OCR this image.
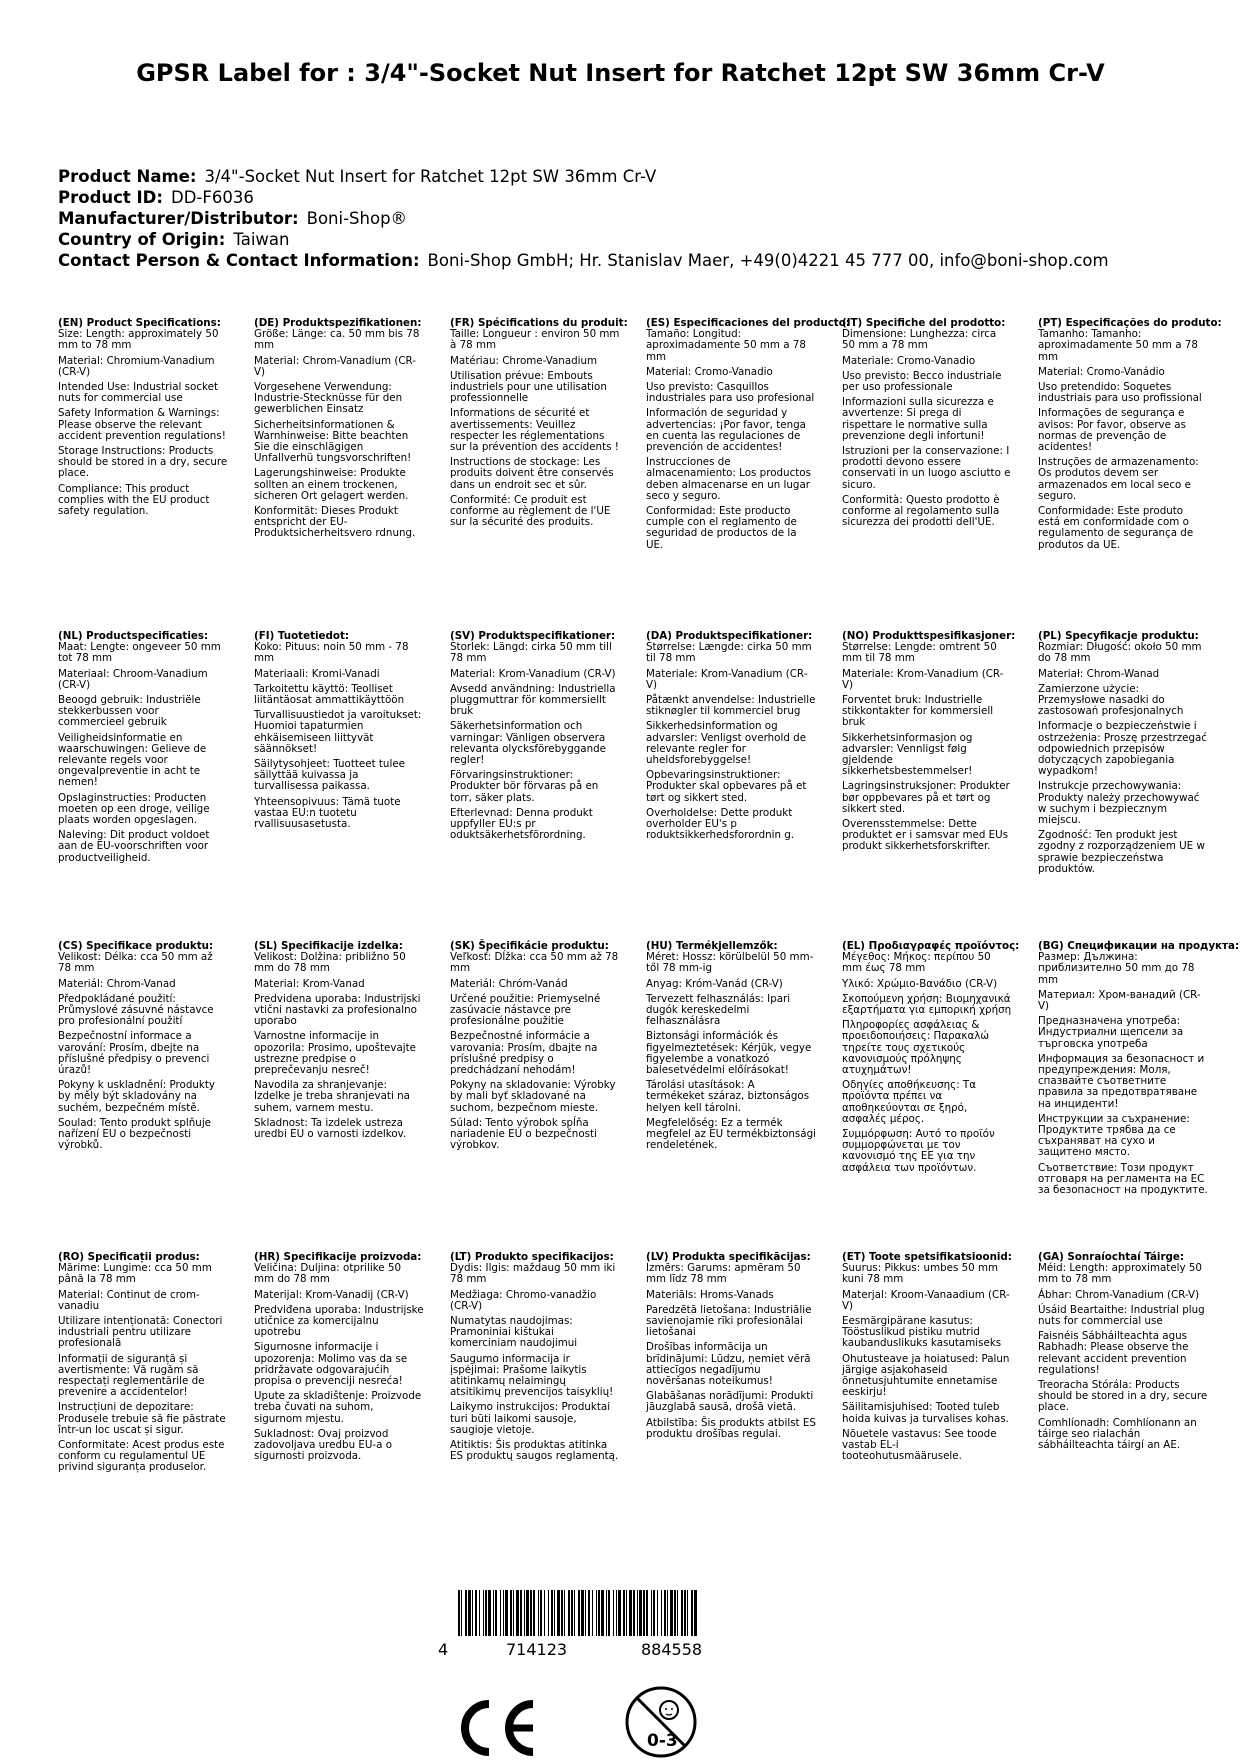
GPSR Label for : 3/4"-Socket Nut Insert for Ratchet 12pt SW 36mm Cr-V
Product Name: 3/4"-Socket Nut Insert for Ratchet 12pt SW 36mm Cr-V
Product ID: DD-F6036
Manufacturer/Distributor: Boni-Shop®
Country of Origin: Taiwan
Contact Person & Contact Information: Boni-Shop GmbH; Hr. Stanislav Maer, +49(0)4221 45 777 00, info@boni-shop.com
(EN) Product Specifications:
Size: Length: approximately 50 mm to 78 mm
Material: Chromium-Vanadium (CR-V)
Intended Use: Industrial socket nuts for commercial use
Safety Information & Warnings: Please observe the relevant accident prevention regulations!
Storage Instructions: Products should be stored in a dry, secure place.
Compliance: This product complies with the EU product safety regulation.
(DE) Produktspezifikationen:
Größe: Länge: ca. 50 mm bis 78 mm
Material: Chrom-Vanadium (CR-V)
Vorgesehene Verwendung: Industrie-Stecknüsse für den gewerblichen Einsatz
Sicherheitsinformationen & Warnhinweise: Bitte beachten Sie die einschlägigen Unfallverhü tungsvorschriften!
Lagerungshinweise: Produkte sollten an einem trockenen, sicheren Ort gelagert werden.
Konformität: Dieses Produkt entspricht der EU-Produktsicherheitsvero rdnung.
(FR) Spécifications du produit:
Taille: Longueur : environ 50 mm à 78 mm
Matériau: Chrome-Vanadium
Utilisation prévue: Embouts industriels pour une utilisation professionnelle
Informations de sécurité et avertissements: Veuillez respecter les réglementations sur la prévention des accidents !
Instructions de stockage: Les produits doivent être conservés dans un endroit sec et sûr.
Conformité: Ce produit est conforme au règlement de l'UE sur la sécurité des produits.
(ES) Especificaciones del producto:
Tamaño: Longitud: aproximadamente 50 mm a 78 mm
Material: Cromo-Vanadio
Uso previsto: Casquillos industriales para uso profesional
Información de seguridad y advertencias: ¡Por favor, tenga en cuenta las regulaciones de prevención de accidentes!
Instrucciones de almacenamiento: Los productos deben almacenarse en un lugar seco y seguro.
Conformidad: Este producto cumple con el reglamento de seguridad de productos de la UE.
(IT) Specifiche del prodotto:
Dimensione: Lunghezza: circa 50 mm a 78 mm
Materiale: Cromo-Vanadio
Uso previsto: Becco industriale per uso professionale
Informazioni sulla sicurezza e avvertenze: Si prega di rispettare le normative sulla prevenzione degli infortuni!
Istruzioni per la conservazione: I prodotti devono essere conservati in un luogo asciutto e sicuro.
Conformità: Questo prodotto è conforme al regolamento sulla sicurezza dei prodotti dell'UE.
(PT) Especificações do produto:
Tamanho: Tamanho: aproximadamente 50 mm a 78 mm
Material: Cromo-Vanádio
Uso pretendido: Soquetes industriais para uso profissional
Informações de segurança e avisos: Por favor, observe as normas de prevenção de acidentes!
Instruções de armazenamento: Os produtos devem ser armazenados em local seco e seguro.
Conformidade: Este produto está em conformidade com o regulamento de segurança de produtos da UE.
(NL) Productspecificaties:
Maat: Lengte: ongeveer 50 mm tot 78 mm
Materiaal: Chroom-Vanadium (CR-V)
Beoogd gebruik: Industriële stekkerbussen voor commercieel gebruik
Veiligheidsinformatie en waarschuwingen: Gelieve de relevante regels voor ongevalpreventie in acht te nemen!
Opslaginstructies: Producten moeten op een droge, veilige plaats worden opgeslagen.
Naleving: Dit product voldoet aan de EU-voorschriften voor productveiligheid.
(FI) Tuotetiedot:
Koko: Pituus: noin 50 mm - 78 mm
Materiaali: Kromi-Vanadi
Tarkoitettu käyttö: Teolliset liitäntäosat ammattikäyttöön
Turvallisuustiedot ja varoitukset: Huomioi tapaturmien ehkäisemiseen liittyvät säännökset!
Säilytysohjeet: Tuotteet tulee säilyttää kuivassa ja turvallisessa paikassa.
Yhteensopivuus: Tämä tuote vastaa EU:n tuotetu rvallisuusasetusta.
(SV) Produktspecifikationer:
Storlek: Längd: cirka 50 mm till 78 mm
Material: Krom-Vanadium (CR-V)
Avsedd användning: Industriella pluggmuttrar för kommersiellt bruk
Säkerhetsinformation och varningar: Vänligen observera relevanta olycksförebyggande regler!
Förvaringsinstruktioner: Produkter bör förvaras på en torr, säker plats.
Efterlevnad: Denna produkt uppfyller EU:s pr oduktsäkerhetsförordning.
(DA) Produktspecifikationer:
Størrelse: Længde: cirka 50 mm til 78 mm
Materiale: Krom-Vanadium (CR-V)
Påtænkt anvendelse: Industrielle stiknøgler til kommerciel brug
Sikkerhedsinformation og advarsler: Venligst overhold de relevante regler for uheldsforebyggelse!
Opbevaringsinstruktioner: Produkter skal opbevares på et tørt og sikkert sted.
Overholdelse: Dette produkt overholder EU's p roduktsikkerhedsforordnin g.
(NO) Produkttspesifikasjoner:
Størrelse: Lengde: omtrent 50 mm til 78 mm
Materiale: Krom-Vanadium (CR-V)
Forventet bruk: Industrielle stikkontakter for kommersiell bruk
Sikkerhetsinformasjon og advarsler: Vennligst følg gjeldende sikkerhetsbestemmelser!
Lagringsinstruksjoner: Produkter bør oppbevares på et tørt og sikkert sted.
Overensstemmelse: Dette produktet er i samsvar med EUs produkt sikkerhetsforskrifter.
(PL) Specyfikacje produktu:
Rozmiar: Długość: około 50 mm do 78 mm
Materiał: Chrom-Wanad
Zamierzone użycie: Przemysłowe nasadki do zastosowań profesjonalnych
Informacje o bezpieczeństwie i ostrzeżenia: Proszę przestrzegać odpowiednich przepisów dotyczących zapobiegania wypadkom!
Instrukcje przechowywania: Produkty należy przechowywać w suchym i bezpiecznym miejscu.
Zgodność: Ten produkt jest zgodny z rozporządzeniem UE w sprawie bezpieczeństwa produktów.
(CS) Specifikace produktu:
Velikost: Délka: cca 50 mm až 78 mm
Materiál: Chrom-Vanad
Předpokládané použití: Průmyslové zásuvné nástavce pro profesionální použití
Bezpečnostní informace a varování: Prosím, dbejte na příslušné předpisy o prevenci úrazů!
Pokyny k uskladnění: Produkty by měly být skladovány na suchém, bezpečném místě.
Soulad: Tento produkt splňuje nařízení EU o bezpečnosti výrobků.
(SL) Specifikacije izdelka:
Velikost: Dolžina: približno 50 mm do 78 mm
Material: Krom-Vanad
Predvidena uporaba: Industrijski vtični nastavki za profesionalno uporabo
Varnostne informacije in opozorila: Prosimo, upoštevajte ustrezne predpise o preprečevanju nesreč!
Navodila za shranjevanje: Izdelke je treba shranjevati na suhem, varnem mestu.
Skladnost: Ta izdelek ustreza uredbi EU o varnosti izdelkov.
(SK) Špecifikácie produktu:
Veľkosť: Dĺžka: cca 50 mm až 78 mm
Materiál: Chróm-Vanád
Určené použitie: Priemyselné zasúvacie nástavce pre profesionálne použitie
Bezpečnostné informácie a varovania: Prosím, dbajte na príslušné predpisy o predchádzaní nehodám!
Pokyny na skladovanie: Výrobky by mali byť skladované na suchom, bezpečnom mieste.
Súlad: Tento výrobok spĺňa nariadenie EÚ o bezpečnosti výrobkov.
(HU) Termékjellemzők:
Méret: Hossz: körülbelül 50 mm-től 78 mm-ig
Anyag: Króm-Vanád (CR-V)
Tervezett felhasználás: Ipari dugók kereskedelmi felhasználásra
Biztonsági információk és figyelmeztetések: Kérjük, vegye figyelembe a vonatkozó balesetvédelmi előírásokat!
Tárolási utasítások: A termékeket száraz, biztonságos helyen kell tárolni.
Megfelelőség: Ez a termék megfelel az EU termékbiztonsági rendeletének.
(EL) Προδιαγραφές προϊόντος:
Μέγεθος: Μήκος: περίπου 50 mm έως 78 mm
Υλικό: Χρώμιο-Βανάδιο (CR-V)
Σκοπούμενη χρήση: Βιομηχανικά εξαρτήματα για εμπορική χρήση
Πληροφορίες ασφάλειας & προειδοποιήσεις: Παρακαλώ τηρείτε τους σχετικούς κανονισμούς πρόληψης ατυχημάτων!
Οδηγίες αποθήκευσης: Τα προϊόντα πρέπει να αποθηκεύονται σε ξηρό, ασφαλές μέρος.
Συμμόρφωση: Αυτό το προϊόν συμμορφώνεται με τον κανονισμό της ΕΕ για την ασφάλεια των προϊόντων.
(BG) Спецификации на продукта:
Размер: Дължина: приблизително 50 mm до 78 mm
Материал: Хром-ванадий (CR-V)
Предназначена употреба: Индустриални щепсели за търговска употреба
Информация за безопасност и предупреждения: Моля, спазвайте съответните правила за предотвратяване на инциденти!
Инструкции за съхранение: Продуктите трябва да се съхраняват на сухо и защитено място.
Съответствие: Този продукт отговаря на регламента на ЕС за безопасност на продуктите.
(RO) Specificații produs:
Mărime: Lungime: cca 50 mm până la 78 mm
Material: Continut de crom-vanadiu
Utilizare intenționată: Conectori industriali pentru utilizare profesională
Informații de siguranță și avertismente: Vă rugăm să respectați reglementările de prevenire a accidentelor!
Instrucțiuni de depozitare: Produsele trebuie să fie păstrate într-un loc uscat și sigur.
Conformitate: Acest produs este conform cu regulamentul UE privind siguranța produselor.
(HR) Specifikacije proizvoda:
Veličina: Duljina: otprilike 50 mm do 78 mm
Materijal: Krom-Vanadij (CR-V)
Predviđena uporaba: Industrijske utičnice za komercijalnu upotrebu
Sigurnosne informacije i upozorenja: Molimo vas da se pridržavate odgovarajućih propisa o prevenciji nesreća!
Upute za skladištenje: Proizvode treba čuvati na suhom, sigurnom mjestu.
Sukladnost: Ovaj proizvod zadovoljava uredbu EU-a o sigurnosti proizvoda.
(LT) Produkto specifikacijos:
Dydis: Ilgis: maždaug 50 mm iki 78 mm
Medžiaga: Chromo-vanadžio (CR-V)
Numatytas naudojimas: Pramoniniai kištukai komerciniam naudojimui
Saugumo informacija ir įspėjimai: Prašome laikytis atitinkamų nelaimingų atsitikimų prevencijos taisyklių!
Laikymo instrukcijos: Produktai turi būti laikomi sausoje, saugioje vietoje.
Atitiktis: Šis produktas atitinka ES produktų saugos reglamentą.
(LV) Produkta specifikācijas:
Izmērs: Garums: apmēram 50 mm līdz 78 mm
Materiāls: Hroms-Vanads
Paredzētā lietošana: Industriālie savienojamie rīki profesionālai lietošanai
Drošības informācija un brīdinājumi: Lūdzu, ņemiet vērā attiecīgos negadījumu novēršanas noteikumus!
Glabāšanas norādījumi: Produkti jāuzglabā sausā, drošā vietā.
Atbilstība: Šis produkts atbilst ES produktu drošības regulai.
(ET) Toote spetsifikatsioonid:
Suurus: Pikkus: umbes 50 mm kuni 78 mm
Materjal: Kroom-Vanaadium (CR-V)
Eesmärgipärane kasutus: Tööstuslikud pistiku mutrid kaubanduslikuks kasutamiseks
Ohutusteave ja hoiatused: Palun järgige asjakohaseid õnnetusjuhtumite ennetamise eeskirju!
Säilitamisjuhised: Tooted tuleb hoida kuivas ja turvalises kohas.
Nõuetele vastavus: See toode vastab EL-i tooteohutusmäärusele.
(GA) Sonraíochtaí Táirge:
Méid: Length: approximately 50 mm to 78 mm
Ábhar: Chrom-Vanadium (CR-V)
Úsáid Beartaithe: Industrial plug nuts for commercial use
Faisnéis Sábháilteachta agus Rabhadh: Please observe the relevant accident prevention regulations!
Treoracha Stórála: Products should be stored in a dry, secure place.
Comhlíonadh: Comhlíonann an táirge seo rialachán sábháilteachta táirgí an AE.
4	714123	884558
0-3
